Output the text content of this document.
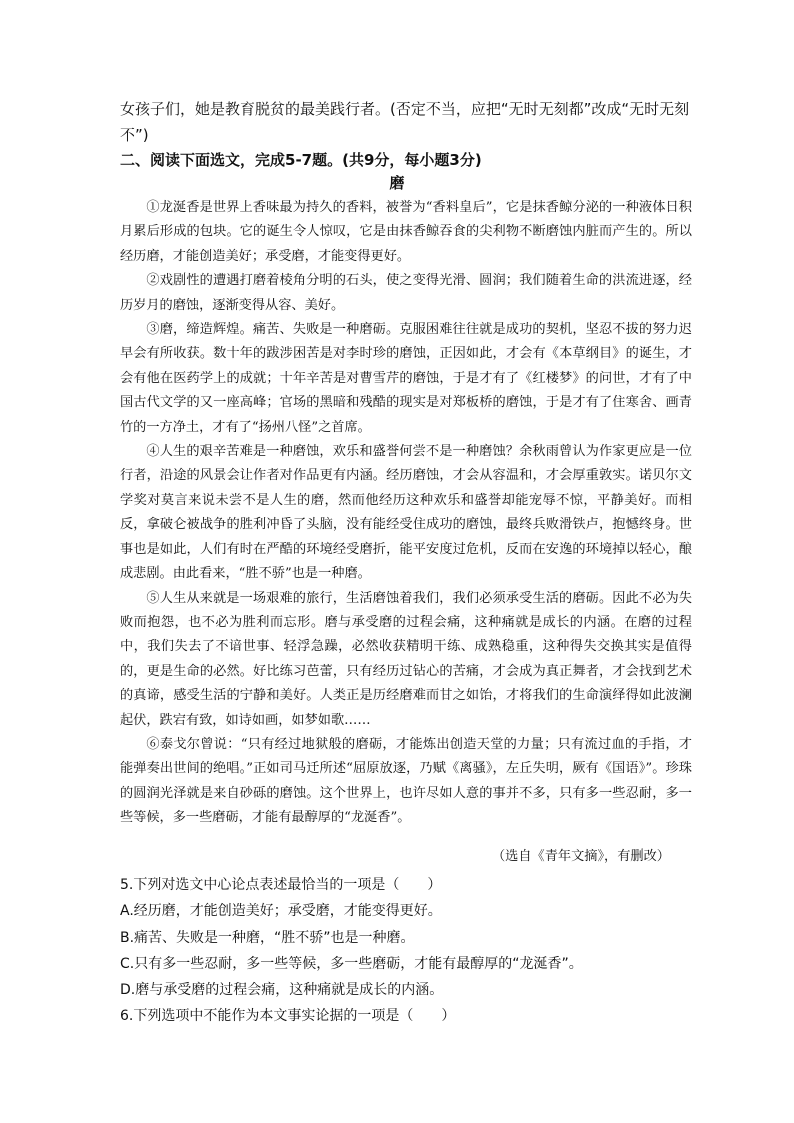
女孩子们，她是教育脱贫的最美践行者。(否定不当，应把“无时无刻都”改成“无时无刻不”)
二、阅读下面选文，完成5-7题。(共9分，每小题3分)
磨

①龙涎香是世界上香味最为持久的香料，被誉为“香料皇后”，它是抹香鲸分泌的一种液体日积月累后形成的包块。它的诞生令人惊叹，它是由抹香鲸吞食的尖利物不断磨蚀内脏而产生的。所以经历磨，才能创造美好；承受磨，才能变得更好。

②戏剧性的遭遇打磨着棱角分明的石头，使之变得光滑、圆润；我们随着生命的洪流进逐，经历岁月的磨蚀，逐渐变得从容、美好。

③磨，缔造辉煌。痛苦、失败是一种磨砺。克服困难往往就是成功的契机，坚忍不拔的努力迟早会有所收获。数十年的跋涉困苦是对李时珍的磨蚀，正因如此，才会有《本草纲目》的诞生，才会有他在医药学上的成就；十年辛苦是对曹雪芹的磨蚀，于是才有了《红楼梦》的问世，才有了中国古代文学的又一座高峰；官场的黑暗和残酷的现实是对郑板桥的磨蚀，于是才有了住寒舍、画青竹的一方净土，才有了“扬州八怪”之首席。

④人生的艰辛苦难是一种磨蚀，欢乐和盛誉何尝不是一种磨蚀？余秋雨曾认为作家更应是一位行者，沿途的风景会让作者对作品更有内涵。经历磨蚀，才会从容温和，才会厚重敦实。诺贝尔文学奖对莫言来说未尝不是人生的磨，然而他经历这种欢乐和盛誉却能宠辱不惊，平静美好。而相反，拿破仑被战争的胜利冲昏了头脑，没有能经受住成功的磨蚀，最终兵败滑铁卢，抱憾终身。世事也是如此，人们有时在严酷的环境经受磨折，能平安度过危机，反而在安逸的环境掉以轻心，酿成悲剧。由此看来，“胜不骄”也是一种磨。

⑤人生从来就是一场艰难的旅行，生活磨蚀着我们，我们必须承受生活的磨砺。因此不必为失败而抱怨，也不必为胜利而忘形。磨与承受磨的过程会痛，这种痛就是成长的内涵。在磨的过程中，我们失去了不谙世事、轻浮急躁，必然收获精明干练、成熟稳重，这种得失交换其实是值得的，更是生命的必然。好比练习芭蕾，只有经历过钻心的苦痛，才会成为真正舞者，才会找到艺术的真谛，感受生活的宁静和美好。人类正是历经磨难而甘之如饴，才将我们的生命演绎得如此波澜起伏，跌宕有致，如诗如画，如梦如歌……

⑥泰戈尔曾说：“只有经过地狱般的磨砺，才能炼出创造天堂的力量；只有流过血的手指，才能弹奏出世间的绝唱。”正如司马迁所述“屈原放逐，乃赋《离骚》，左丘失明，厥有《国语》”。珍珠的圆润光泽就是来自砂砾的磨蚀。这个世界上，也许尽如人意的事并不多，只有多一些忍耐，多一些等候，多一些磨砺，才能有最醇厚的“龙涎香”。

（选自《青年文摘》，有删改）
5.下列对选文中心论点表述最恰当的一项是（　　）
A.经历磨，才能创造美好；承受磨，才能变得更好。
B.痛苦、失败是一种磨，“胜不骄”也是一种磨。
C.只有多一些忍耐，多一些等候，多一些磨砺，才能有最醇厚的“龙涎香”。
D.磨与承受磨的过程会痛，这种痛就是成长的内涵。
6.下列选项中不能作为本文事实论据的一项是（　　）
